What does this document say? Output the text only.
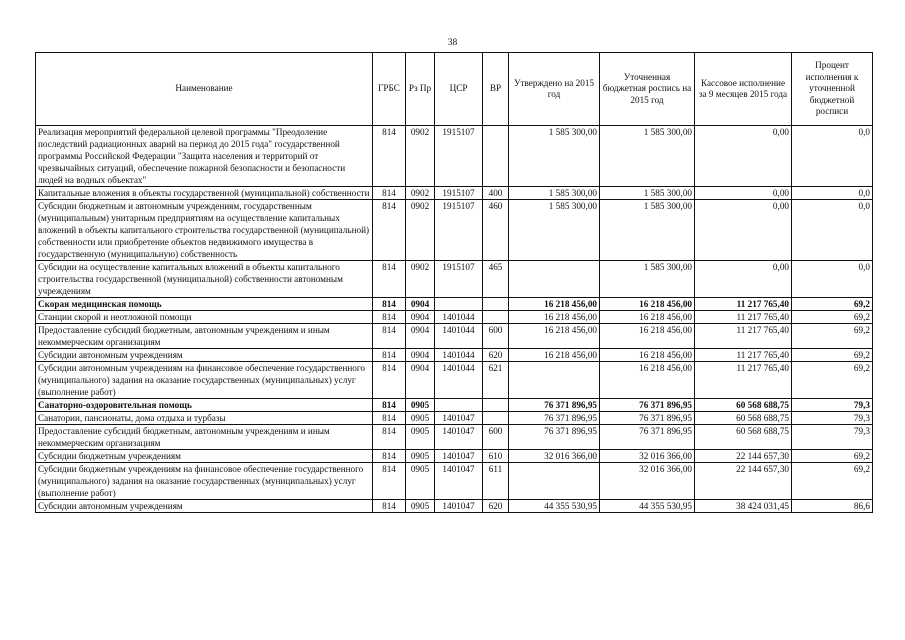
38
Наименование	ГРБС	Рз Пр	ЦСР	ВР	Утверждено на 2015 год	Уточненная бюджетная роспись на 2015 год	Кассовое исполнение за 9 месяцев 2015 года	Процент исполнения к уточненной бюджетной росписи
Реализация мероприятий федеральной целевой программы "Преодоление последствий радиационных аварий на период до 2015 года" государственной программы Российской Федерации "Защита населения и территорий от чрезвычайных ситуаций, обеспечение пожарной безопасности и безопасности людей на водных объектах"	814	0902	1915107		1 585 300,00	1 585 300,00	0,00	0,0
Капитальные вложения в объекты государственной (муниципальной) собственности	814	0902	1915107	400	1 585 300,00	1 585 300,00	0,00	0,0
Субсидии бюджетным и автономным учреждениям, государственным (муниципальным) унитарным предприятиям на осуществление капитальных вложений в объекты капитального строительства государственной (муниципальной) собственности или приобретение объектов недвижимого имущества в государственную (муниципальную) собственность	814	0902	1915107	460	1 585 300,00	1 585 300,00	0,00	0,0
Субсидии на осуществление капитальных вложений в объекты капитального строительства государственной (муниципальной) собственности автономным учреждениям	814	0902	1915107	465		1 585 300,00	0,00	0,0
Скорая медицинская помощь	814	0904			16 218 456,00	16 218 456,00	11 217 765,40	69,2
Станции скорой и неотложной помощи	814	0904	1401044		16 218 456,00	16 218 456,00	11 217 765,40	69,2
Предоставление субсидий бюджетным, автономным учреждениям и иным некоммерческим организациям	814	0904	1401044	600	16 218 456,00	16 218 456,00	11 217 765,40	69,2
Субсидии автономным учреждениям	814	0904	1401044	620	16 218 456,00	16 218 456,00	11 217 765,40	69,2
Субсидии автономным учреждениям на финансовое обеспечение государственного (муниципального) задания на оказание государственных (муниципальных) услуг (выполнение работ)	814	0904	1401044	621		16 218 456,00	11 217 765,40	69,2
Санаторно-оздоровительная помощь	814	0905			76 371 896,95	76 371 896,95	60 568 688,75	79,3
Санатории, пансионаты, дома отдыха и турбазы	814	0905	1401047		76 371 896,95	76 371 896,95	60 568 688,75	79,3
Предоставление субсидий бюджетным, автономным учреждениям и иным некоммерческим организациям	814	0905	1401047	600	76 371 896,95	76 371 896,95	60 568 688,75	79,3
Субсидии бюджетным учреждениям	814	0905	1401047	610	32 016 366,00	32 016 366,00	22 144 657,30	69,2
Субсидии бюджетным учреждениям на финансовое обеспечение государственного (муниципального) задания на оказание государственных (муниципальных) услуг (выполнение работ)	814	0905	1401047	611		32 016 366,00	22 144 657,30	69,2
Субсидии автономным учреждениям	814	0905	1401047	620	44 355 530,95	44 355 530,95	38 424 031,45	86,6
